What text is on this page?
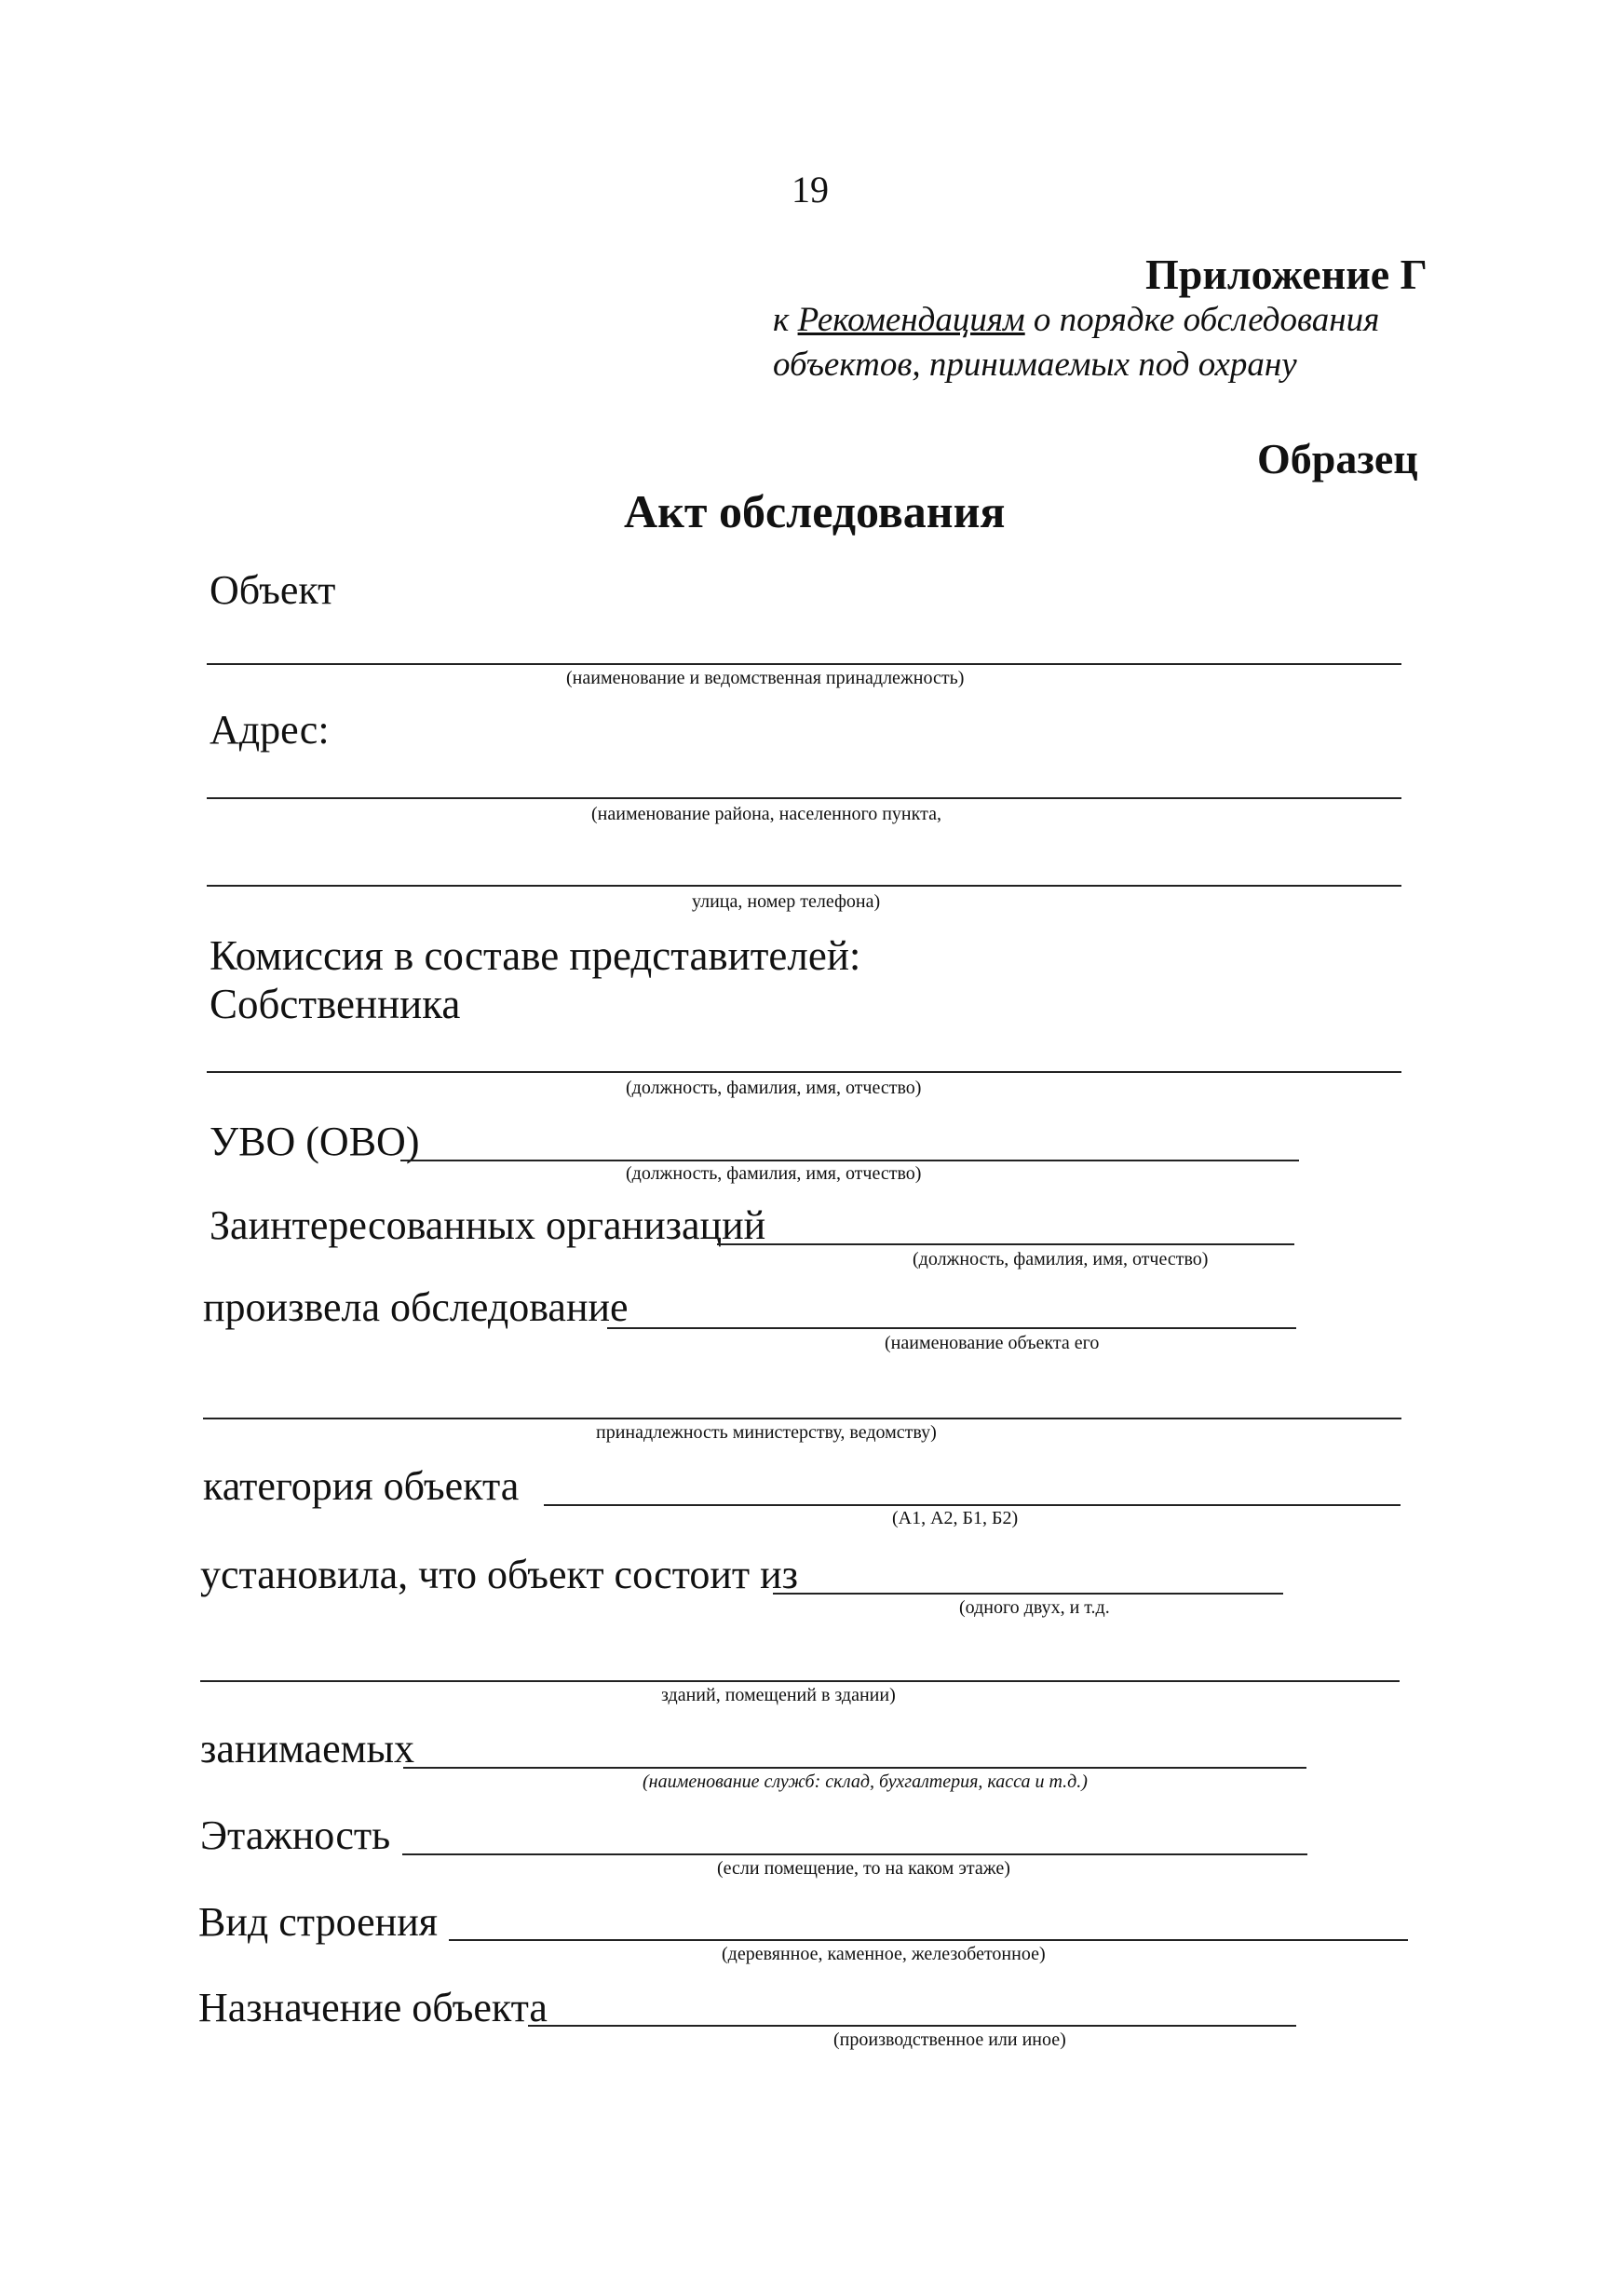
19
Приложение Г
к Рекомендациям о порядке обследования
объектов, принимаемых под охрану
Образец
Акт обследования
Объект
(наименование и ведомственная принадлежность)
Адрес:
(наименование района, населенного пункта,
улица, номер телефона)
Комиссия в составе представителей:
Собственника
(должность, фамилия, имя, отчество)
УВО (ОВО)
(должность, фамилия, имя, отчество)
Заинтересованных организаций
(должность, фамилия, имя, отчество)
произвела обследование
(наименование объекта его
принадлежность министерству, ведомству)
категория объекта
(А1, А2, Б1, Б2)
установила, что объект состоит из
(одного двух, и т.д.
зданий, помещений в здании)
занимаемых
(наименование служб: склад, бухгалтерия, касса и т.д.)
Этажность
(если помещение, то на каком этаже)
Вид строения
(деревянное, каменное, железобетонное)
Назначение объекта
(производственное или иное)
